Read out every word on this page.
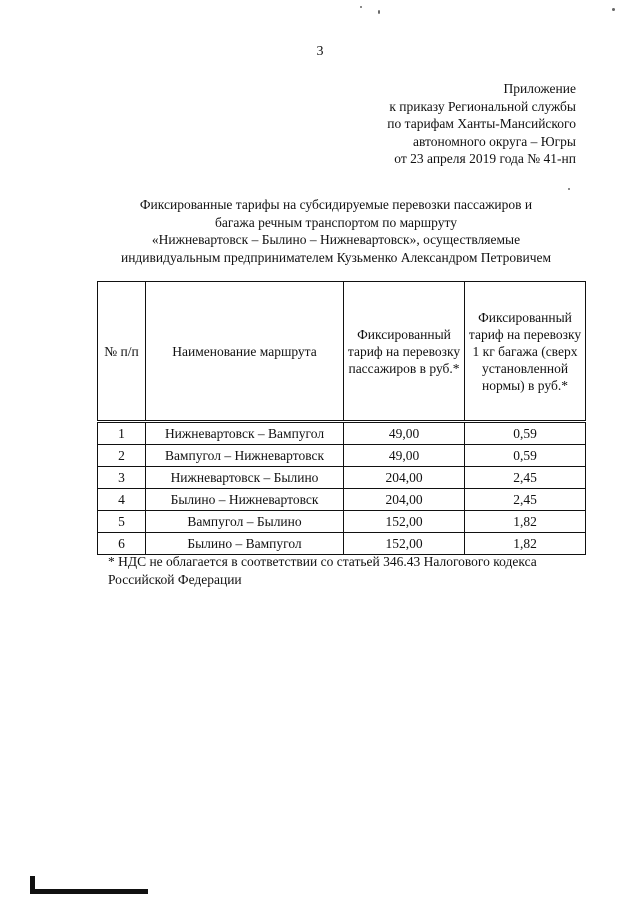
3
Приложение
к приказу Региональной службы
по тарифам Ханты-Мансийского
автономного округа – Югры
от 23 апреля 2019 года № 41-нп
Фиксированные тарифы на субсидируемые перевозки пассажиров и
багажа речным транспортом по маршруту
«Нижневартовск – Былино – Нижневартовск», осуществляемые
индивидуальным предпринимателем Кузьменко Александром Петровичем
№ п/п	Наименование маршрута	Фиксированный тариф на перевозку пассажиров в руб.*	Фиксированный тариф на перевозку 1 кг багажа (сверх установленной нормы) в руб.*
1	Нижневартовск – Вампугол	49,00	0,59
2	Вампугол – Нижневартовск	49,00	0,59
3	Нижневартовск – Былино	204,00	2,45
4	Былино – Нижневартовск	204,00	2,45
5	Вампугол – Былино	152,00	1,82
6	Былино – Вампугол	152,00	1,82
* НДС не облагается в соответствии со статьей 346.43 Налогового кодекса
Российской Федерации
